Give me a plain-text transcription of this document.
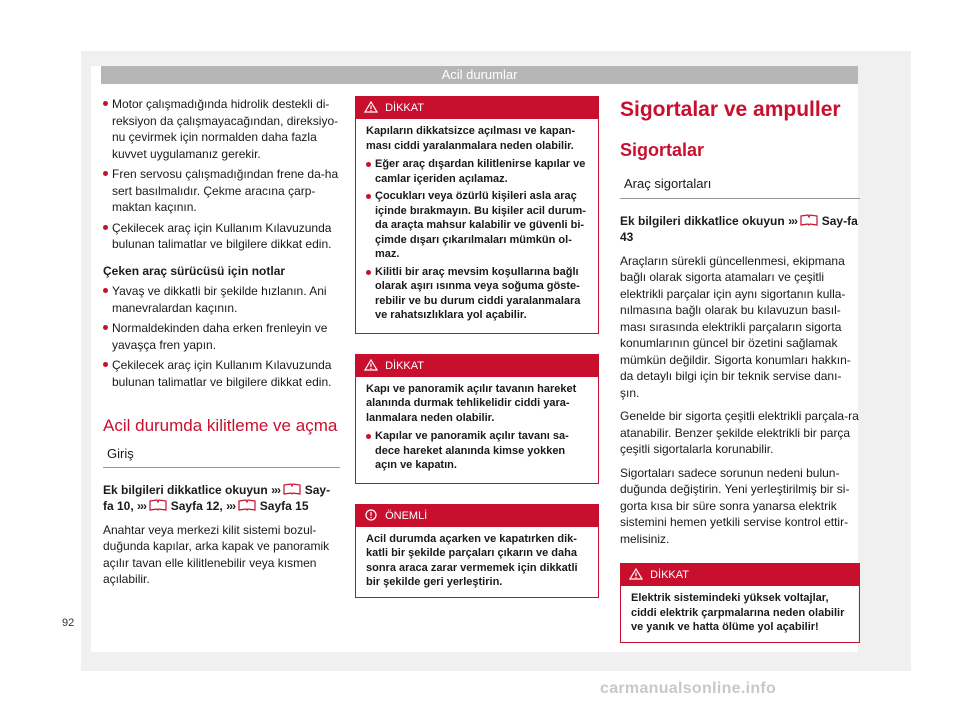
Acil durumlar
Motor çalışmadığında hidrolik destekli di-reksiyon da çalışmayacağından, direksiyo-nu çevirmek için normalden daha fazla kuvvet uygulamanız gerekir.
Fren servosu çalışmadığından frene da-ha sert basılmalıdır. Çekme aracına çarp-maktan kaçının.
Çekilecek araç için Kullanım Kılavuzunda bulunan talimatlar ve bilgilere dikkat edin.
Çeken araç sürücüsü için notlar
Yavaş ve dikkatli bir şekilde hızlanın. Ani manevralardan kaçının.
Normaldekinden daha erken frenleyin ve yavaşça fren yapın.
Çekilecek araç için Kullanım Kılavuzunda bulunan talimatlar ve bilgilere dikkat edin.
Acil durumda kilitleme ve açma
Giriş

Ek bilgileri dikkatlice okuyun ››› Say-fa 10, ››› Sayfa 12, ››› Sayfa 15

Anahtar veya merkezi kilit sistemi bozul-duğunda kapılar, arka kapak ve panoramik açılır tavan elle kilitlenebilir veya kısmen açılabilir.

DİKKAT

Kapıların dikkatsizce açılması ve kapan-ması ciddi yaralanmalara neden olabilir.

Eğer araç dışardan kilitlenirse kapılar ve camlar içeriden açılamaz.
Çocukları veya özürlü kişileri asla araç içinde bırakmayın. Bu kişiler acil durum-da araçta mahsur kalabilir ve güvenli bi-çimde dışarı çıkarılmaları mümkün ol-maz.
Kilitli bir araç mevsim koşullarına bağlı olarak aşırı ısınma veya soğuma göste-rebilir ve bu durum ciddi yaralanmalara ve rahatsızlıklara yol açabilir.
DİKKAT

Kapı ve panoramik açılır tavanın hareket alanında durmak tehlikelidir ciddi yara-lanmalara neden olabilir.

Kapılar ve panoramik açılır tavanı sa-dece hareket alanında kimse yokken açın ve kapatın.
ÖNEMLİ
Acil durumda açarken ve kapatırken dik-katli bir şekilde parçaları çıkarın ve daha sonra araca zarar vermemek için dikkatli bir şekilde geri yerleştirin.
Sigortalar ve ampuller
Sigortalar
Araç sigortaları

Ek bilgileri dikkatlice okuyun ››› Say-fa 43

Araçların sürekli güncellenmesi, ekipmana bağlı olarak sigorta atamaları ve çeşitli elektrikli parçalar için aynı sigortanın kulla-nılmasına bağlı olarak bu kılavuzun basıl-ması sırasında elektrikli parçaların sigorta konumlarının güncel bir özetini sağlamak mümkün değildir. Sigorta konumları hakkın-da detaylı bilgi için bir teknik servise danı-şın.

Genelde bir sigorta çeşitli elektrikli parçala-ra atanabilir. Benzer şekilde elektrikli bir parça çeşitli sigortalarla korunabilir.

Sigortaları sadece sorunun nedeni bulun-duğunda değiştirin. Yeni yerleştirilmiş bir si-gorta kısa bir süre sonra yanarsa elektrik sistemini hemen yetkili servise kontrol ettir-melisiniz.

DİKKAT
Elektrik sistemindeki yüksek voltajlar, ciddi elektrik çarpmalarına neden olabilir ve yanık ve hatta ölüme yol açabilir!
92
carmanualsonline.info
